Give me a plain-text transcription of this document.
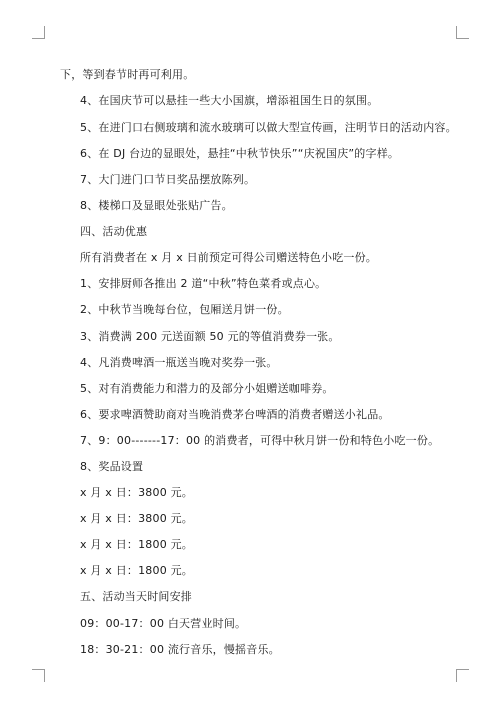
下，等到春节时再可利用。
4、在国庆节可以悬挂一些大小国旗，增添祖国生日的氛围。
5、在进门口右侧玻璃和流水玻璃可以做大型宣传画，注明节日的活动内容。
6、在 DJ 台边的显眼处，悬挂“中秋节快乐”“庆祝国庆”的字样。
7、大门进门口节日奖品摆放陈列。
8、楼梯口及显眼处张贴广告。
四、活动优惠
所有消费者在 x 月 x 日前预定可得公司赠送特色小吃一份。
1、安排厨师各推出 2 道“中秋”特色菜肴或点心。
2、中秋节当晚每台位，包厢送月饼一份。
3、消费满 200 元送面额 50 元的等值消费券一张。
4、凡消费啤酒一瓶送当晚对奖券一张。
5、对有消费能力和潜力的及部分小姐赠送咖啡券。
6、要求啤酒赞助商对当晚消费茅台啤酒的消费者赠送小礼品。
7、9：00-------17：00 的消费者，可得中秋月饼一份和特色小吃一份。
8、奖品设置
x 月 x 日：3800 元。
x 月 x 日：3800 元。
x 月 x 日：1800 元。
x 月 x 日：1800 元。
五、活动当天时间安排
09：00-17：00 白天营业时间。
18：30-21：00 流行音乐，慢摇音乐。
